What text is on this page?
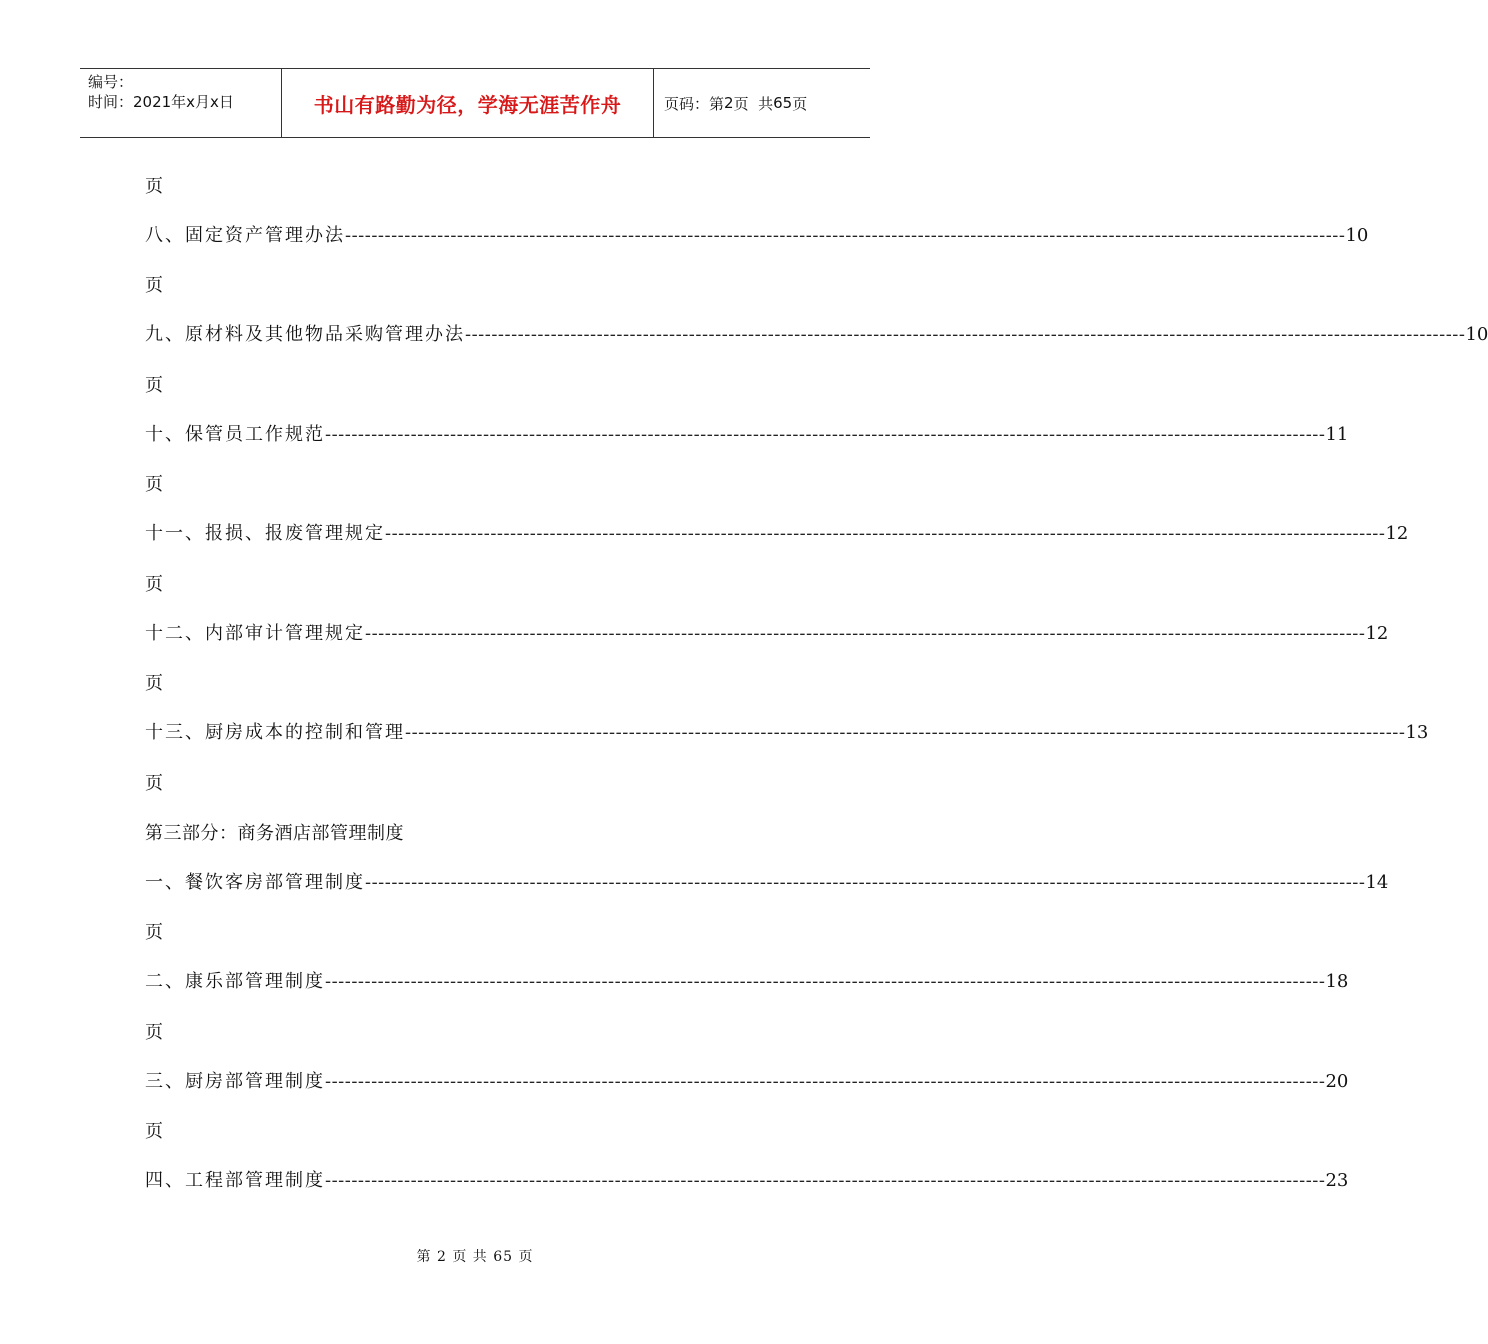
编号：
时间：2021年x月x日	书山有路勤为径，学海无涯苦作舟	页码：第 2 页  共 65 页
页
八、固定资产管理办法 -------------------------------------------------------------------------------------------------------------------------------------------------------- 10
页
九、原材料及其他物品采购管理办法 -------------------------------------------------------------------------------------------------------------------------------------------------------- 10
页
十、保管员工作规范 -------------------------------------------------------------------------------------------------------------------------------------------------------- 11
页
十一、报损、报废管理规定 -------------------------------------------------------------------------------------------------------------------------------------------------------- 12
页
十二、内部审计管理规定 -------------------------------------------------------------------------------------------------------------------------------------------------------- 12
页
十三、厨房成本的控制和管理 -------------------------------------------------------------------------------------------------------------------------------------------------------- 13
页
第三部分：商务酒店部管理制度
一、餐饮客房部管理制度 -------------------------------------------------------------------------------------------------------------------------------------------------------- 14
页
二、康乐部管理制度 -------------------------------------------------------------------------------------------------------------------------------------------------------- 18
页
三、厨房部管理制度 -------------------------------------------------------------------------------------------------------------------------------------------------------- 20
页
四、工程部管理制度 -------------------------------------------------------------------------------------------------------------------------------------------------------- 23
第 2 页 共 65 页
